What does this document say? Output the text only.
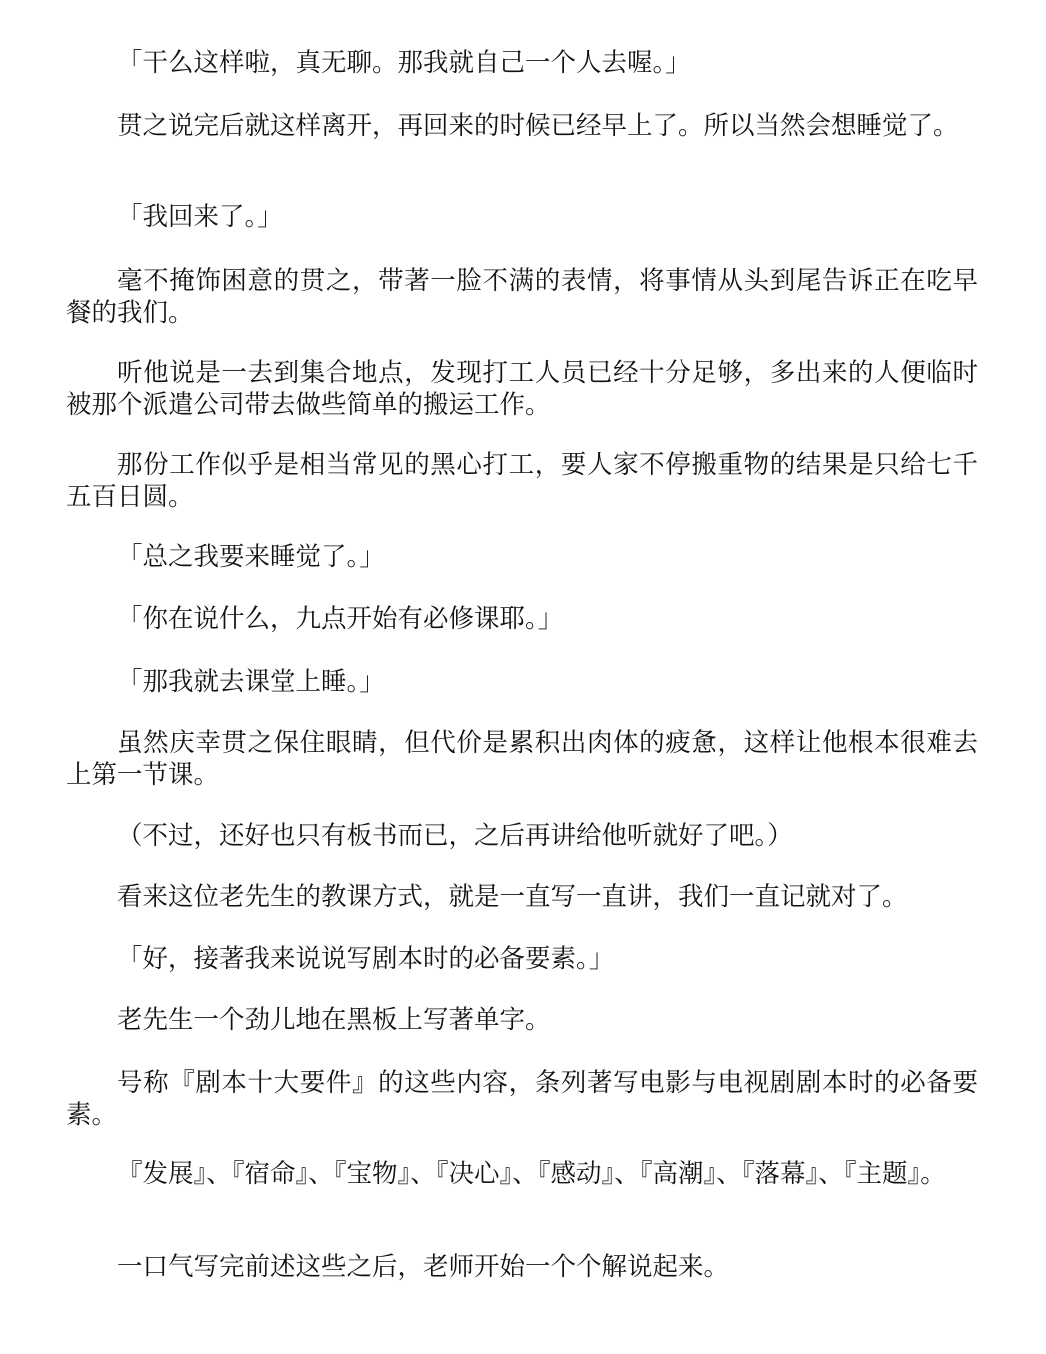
「干么这样啦，真无聊。那我就自己一个人去喔。」

贯之说完后就这样离开，再回来的时候已经早上了。所以当然会想睡觉了。

「我回来了。」

毫不掩饰困意的贯之，带著一脸不满的表情，将事情从头到尾告诉正在吃早餐的我们。

听他说是一去到集合地点，发现打工人员已经十分足够，多出来的人便临时被那个派遣公司带去做些简单的搬运工作。

那份工作似乎是相当常见的黑心打工，要人家不停搬重物的结果是只给七千五百日圆。

「总之我要来睡觉了。」

「你在说什么，九点开始有必修课耶。」

「那我就去课堂上睡。」

虽然庆幸贯之保住眼睛，但代价是累积出肉体的疲惫，这样让他根本很难去上第一节课。

（不过，还好也只有板书而已，之后再讲给他听就好了吧。）

看来这位老先生的教课方式，就是一直写一直讲，我们一直记就对了。

「好，接著我来说说写剧本时的必备要素。」

老先生一个劲儿地在黑板上写著单字。

号称『剧本十大要件』的这些内容，条列著写电影与电视剧剧本时的必备要素。

『发展』、『宿命』、『宝物』、『决心』、『感动』、『高潮』、『落幕』、『主题』。

一口气写完前述这些之后，老师开始一个个解说起来。
